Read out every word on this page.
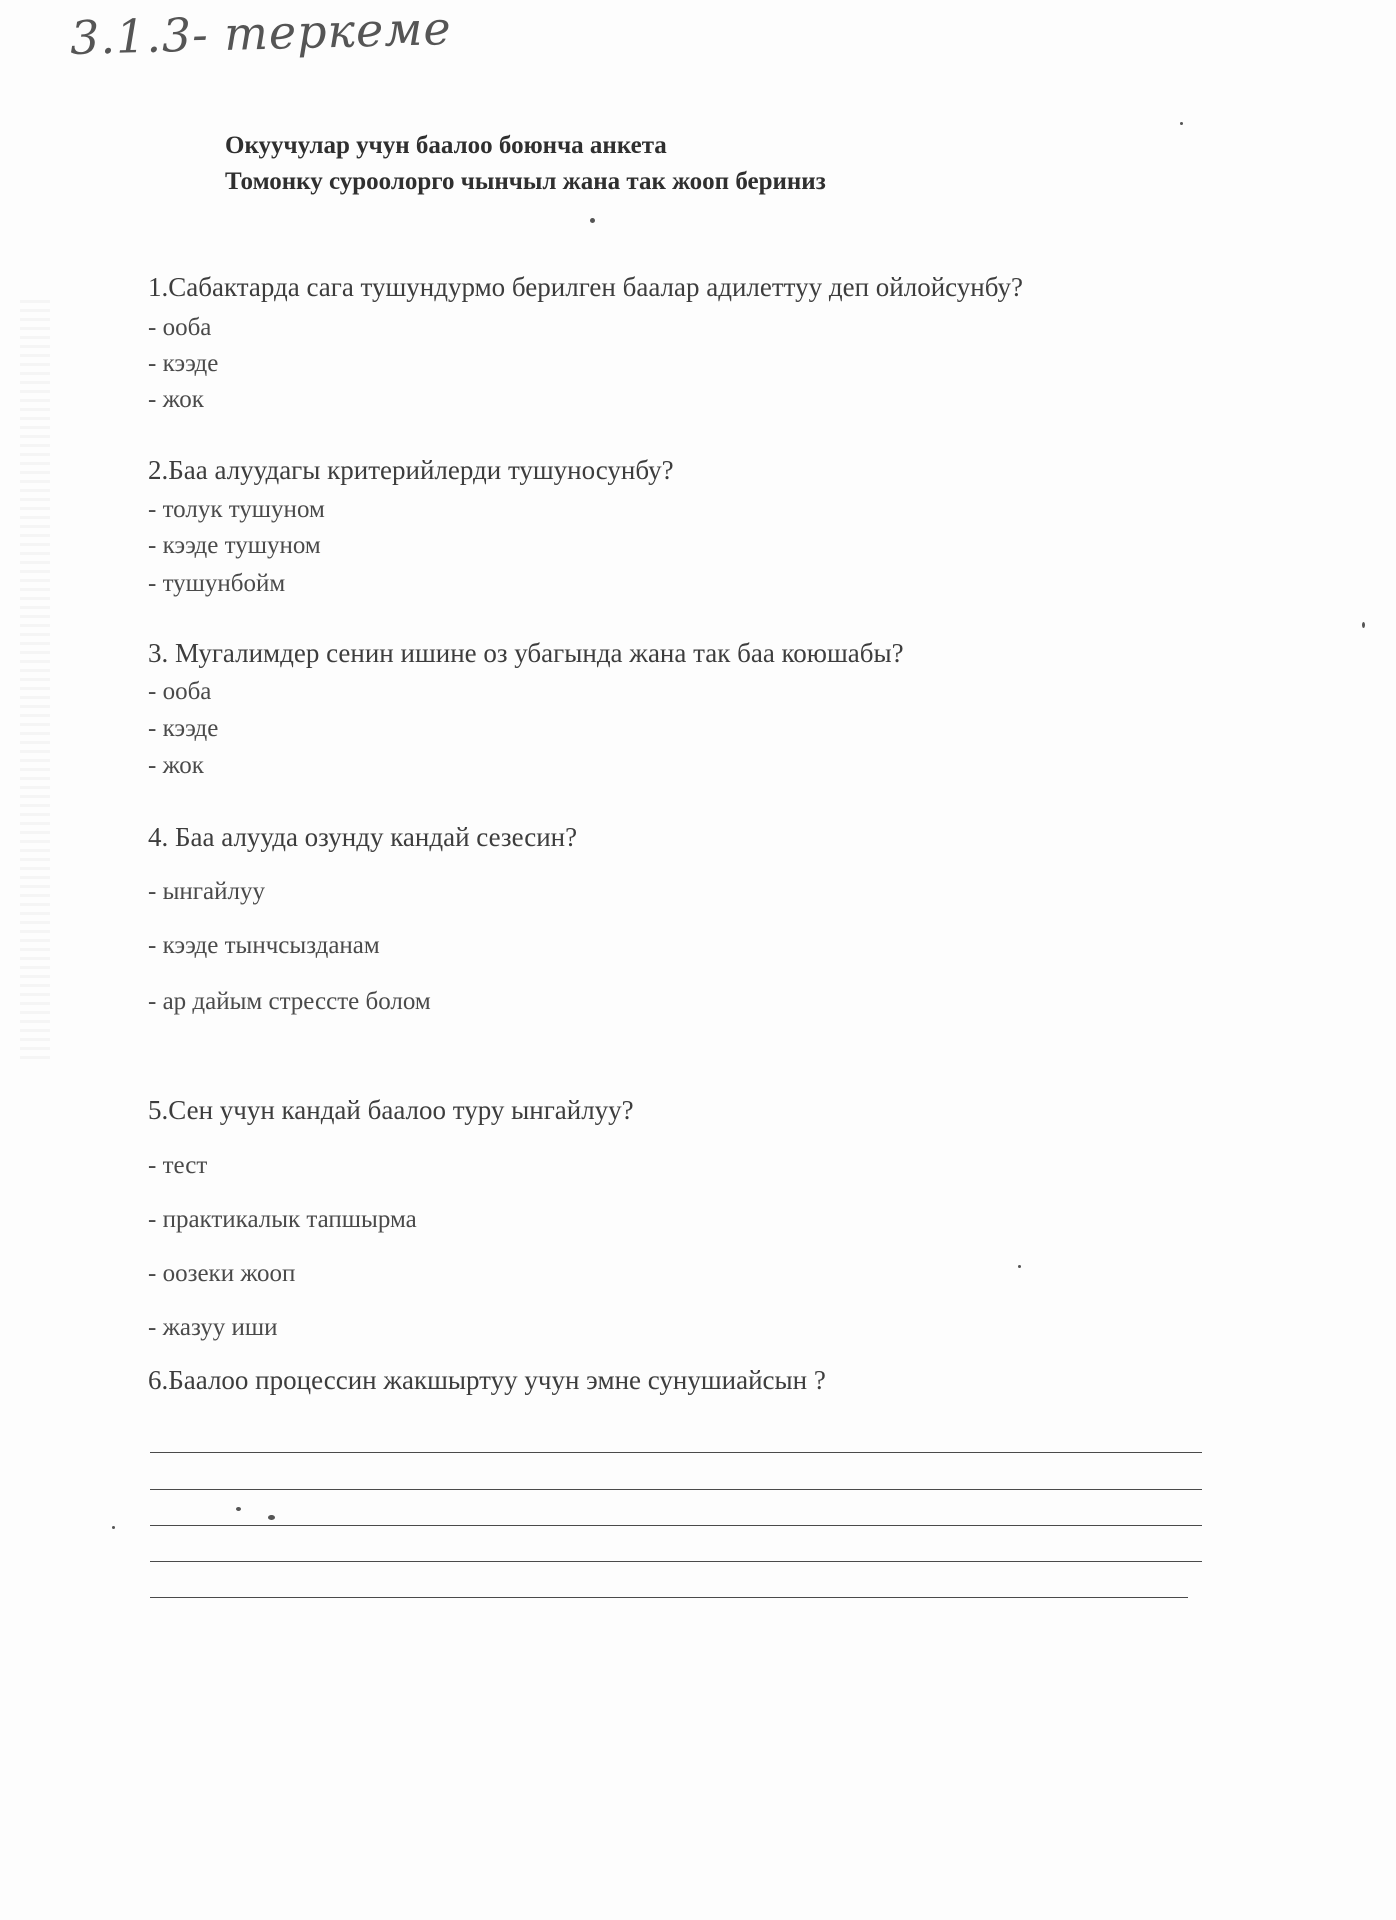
3.1.3- теркеме
Окуучулар учун баалоо боюнча анкета
Томонку суроолорго чынчыл жана так жооп бериниз
1.Сабактарда сага тушундурмо берилген баалар адилеттуу деп ойлойсунбу?
- ооба
- кээде
- жок
2.Баа алуудагы критерийлерди тушуносунбу?
- толук тушуном
- кээде тушуном
- тушунбойм
3. Мугалимдер сенин ишине оз убагында жана так баа коюшабы?
- ооба
- кээде
- жок
4. Баа алууда озунду кандай сезесин?
- ынгайлуу
- кээде тынчсызданам
- ар дайым стрессте болом
5.Сен учун кандай баалоо туру ынгайлуу?
- тест
- практикалык тапшырма
- оозеки жооп
- жазуу иши
6.Баалоо процессин жакшыртуу учун эмне сунушиайсын ?
